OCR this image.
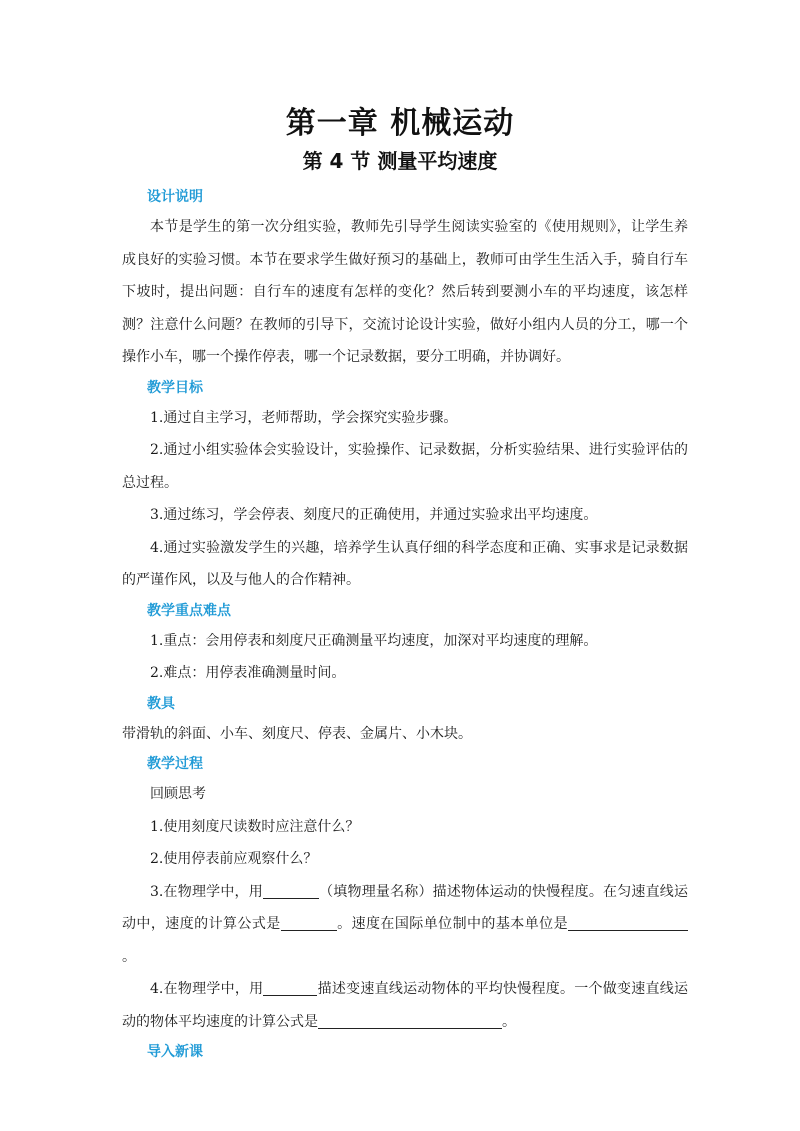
第一章 机械运动
第 4 节 测量平均速度
设计说明

本节是学生的第一次分组实验，教师先引导学生阅读实验室的《使用规则》，让学生养成良好的实验习惯。本节在要求学生做好预习的基础上，教师可由学生生活入手，骑自行车下坡时，提出问题：自行车的速度有怎样的变化？然后转到要测小车的平均速度，该怎样测？注意什么问题？在教师的引导下，交流讨论设计实验，做好小组内人员的分工，哪一个操作小车，哪一个操作停表，哪一个记录数据，要分工明确，并协调好。

教学目标

1.通过自主学习，老师帮助，学会探究实验步骤。

2.通过小组实验体会实验设计，实验操作、记录数据，分析实验结果、进行实验评估的总过程。

3.通过练习，学会停表、刻度尺的正确使用，并通过实验求出平均速度。

4.通过实验激发学生的兴趣，培养学生认真仔细的科学态度和正确、实事求是记录数据的严谨作风，以及与他人的合作精神。

教学重点难点

1.重点：会用停表和刻度尺正确测量平均速度，加深对平均速度的理解。

2.难点：用停表准确测量时间。

教具

带滑轨的斜面、小车、刻度尺、停表、金属片、小木块。

教学过程

回顾思考

1.使用刻度尺读数时应注意什么？

2.使用停表前应观察什么？

3.在物理学中，用	（填物理量名称）描述物体运动的快慢程度。在匀速直线运动中，速度的计算公式是	。速度在国际单位制中的基本单位是。

4.在物理学中，用	描述变速直线运动物体的平均快慢程度。一个做变速直线运动的物体平均速度的计算公式是	。

导入新课
